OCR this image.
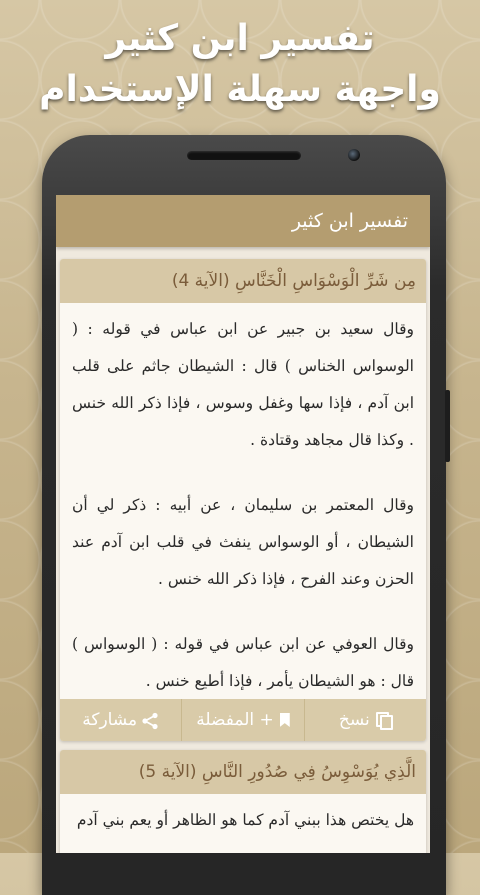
تفسير ابن كثير
واجهة سهلة الإستخدام
تفسير ابن كثير
مِن شَرِّ الْوَسْوَاسِ الْخَنَّاسِ (الآية 4)

وقال سعيد بن جبير عن ابن عباس في قوله : ( الوسواس الخناس ) قال : الشيطان جاثم على قلب ابن آدم ، فإذا سها وغفل وسوس ، فإذا ذكر الله خنس . وكذا قال مجاهد وقتادة .

وقال المعتمر بن سليمان ، عن أبيه : ذكر لي أن الشيطان ، أو الوسواس ينفث في قلب ابن آدم عند الحزن وعند الفرح ، فإذا ذكر الله خنس .

وقال العوفي عن ابن عباس في قوله : ( الوسواس ) قال : هو الشيطان يأمر ، فإذا أطيع خنس .

نسخ
+ المفضلة
مشاركة
الَّذِي يُوَسْوِسُ فِي صُدُورِ النَّاسِ (الآية 5)

هل يختص هذا ببني آدم كما هو الظاهر أو يعم بني آدم
